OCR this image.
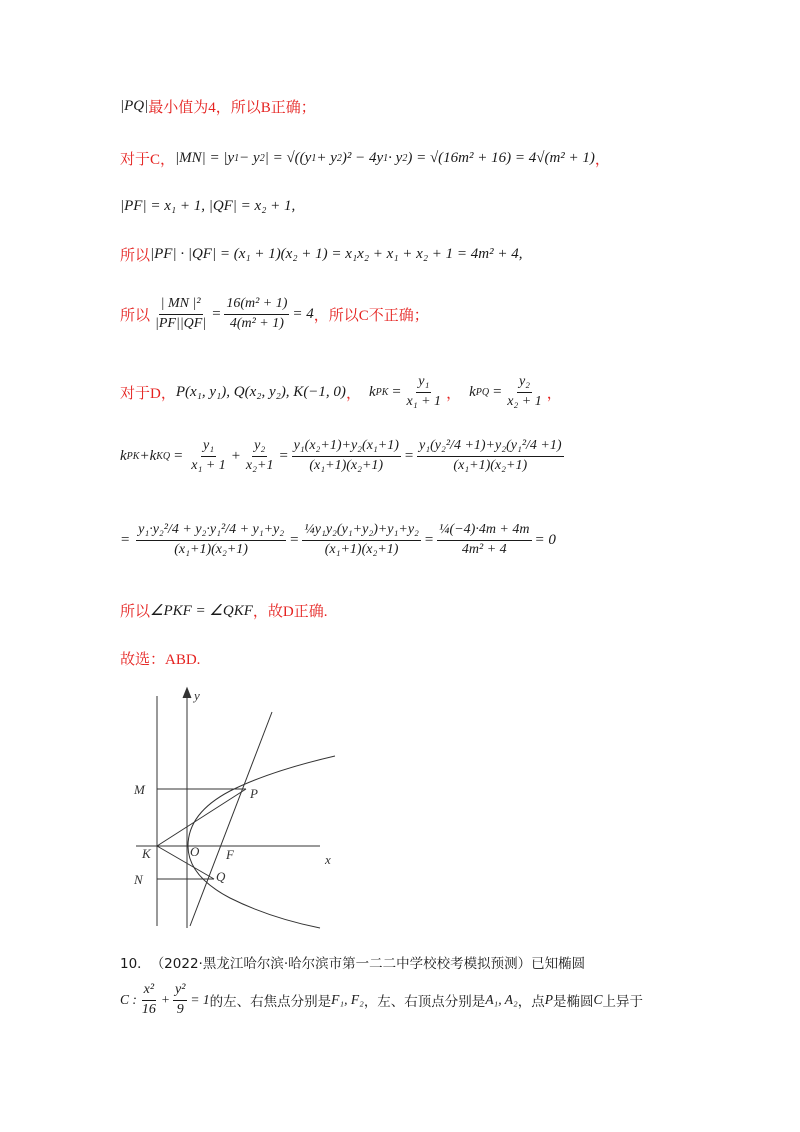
|PQ| 最小值为4，所以B正确；
对于C， |MN| = |y 1 − y 2 | = √((y 1 + y 2 )² − 4y 1 · y 2 ) = √(16m² + 16) = 4√(m² + 1) ，
|PF| = x₁ + 1, |QF| = x₂ + 1,
所以 |PF| · |QF| = (x₁ + 1)(x₂ + 1) = x₁x₂ + x₁ + x₂ + 1 = 4m² + 4,
所以 $\frac{\text{| MN |²}}{|PF||QF|} = \frac{\text{16(m² + 1)}}{\text{4(m² + 1)}} = 4$ ，所以C不正确；
对于D， P(x₁, y₁), Q(x₂, y₂), K(−1, 0) ， k PK = $\frac{\text{y₁}}{\text{x₁ + 1}}$ ， k PQ = $\frac{\text{y₂}}{\text{x₂ + 1}}$ ，
k PK +k KQ = $\frac{\text{y₁}}{\text{x₁ + 1}} + \frac{\text{y₂}}{\text{x₂+1}} = \frac{\text{y₁(x₂+1)+y₂(x₁+1)}}{\text{(x₁+1)(x₂+1)}} = \frac{\text{y₁(y₂²/4 +1)+y₂(y₁²/4 +1)}}{\text{(x₁+1)(x₂+1)}}$
= $\frac{\text{y₁·y₂²/4 + y₂·y₁²/4 + y₁+y₂}}{\text{(x₁+1)(x₂+1)}} = \frac{\text{¼y₁y₂(y₁+y₂)+y₁+y₂}}{\text{(x₁+1)(x₂+1)}} = \frac{\text{¼(−4)·4m + 4m}}{\text{4m² + 4}} = 0$
所以 ∠PKF = ∠QKF ，故D正确.
故选：ABD.
y
x
M	P
K	O F
N	Q
10． （2022·黑龙江哈尔滨·哈尔滨市第一二二中学校校考模拟预测）已知椭圆
C : $\frac{\text{x²}}{16} + \frac{\text{y²}}{9} = 1$ 的左、右焦点分别是 F₁, F₂ ，左、右顶点分别是 A₁, A₂ ，点 P 是椭圆 C 上异于
